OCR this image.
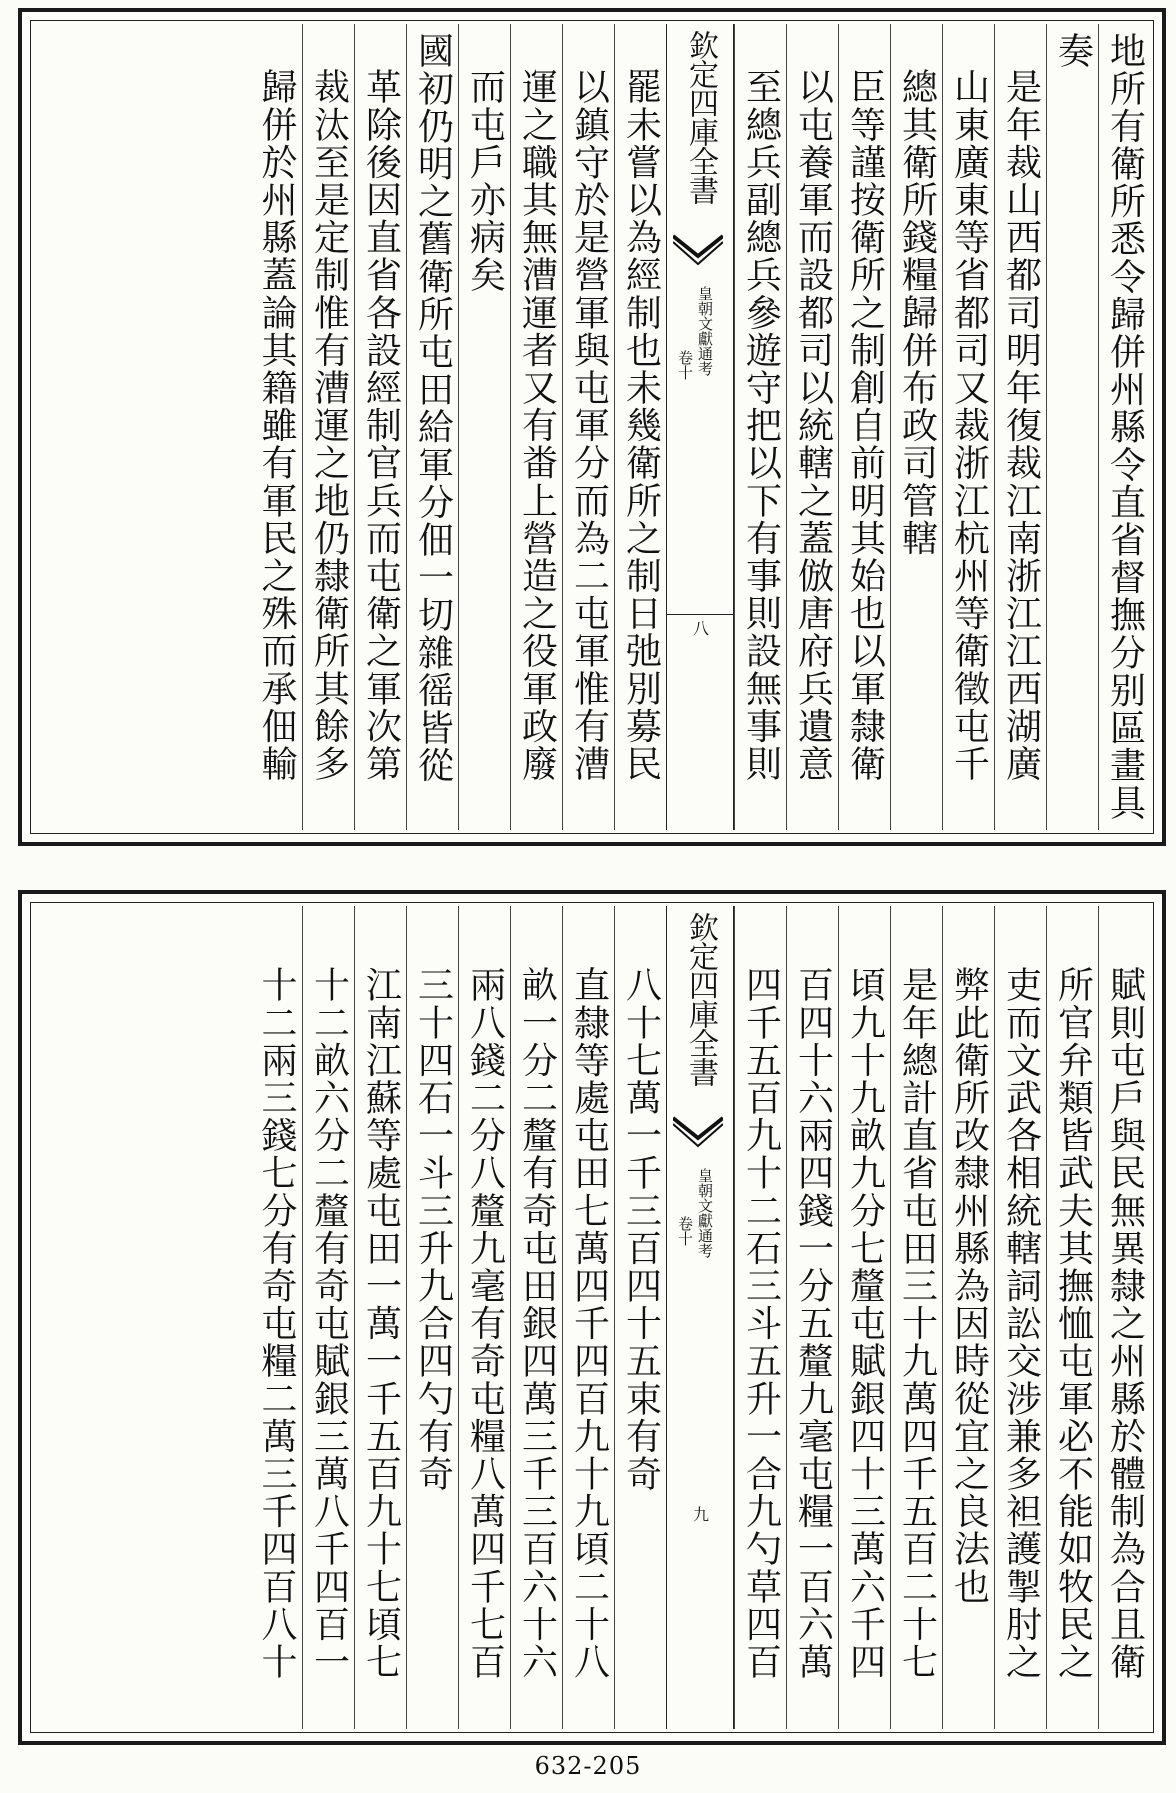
地所有衛所悉令歸併州縣令直省督撫分别區畫具
奏
是年裁山西都司明年復裁江南浙江江西湖廣
山東廣東等省都司又裁浙江杭州等衛徵屯千
總其衛所錢糧歸併布政司管轄
臣等謹按衛所之制創自前明其始也以軍隸衛
以屯養軍而設都司以統轄之蓋倣唐府兵遺意
至總兵副總兵參遊守把以下有事則設無事則
欽定四庫全書
皇朝文獻通考
卷十
八
罷未嘗以為經制也未幾衛所之制日弛別募民
以鎮守於是營軍與屯軍分而為二屯軍惟有漕
運之職其無漕運者又有畨上營造之役軍政廢
而屯戶亦病矣
國初仍明之舊衛所屯田給軍分佃一切雜徭皆從
革除後因直省各設經制官兵而屯衛之軍次第
裁汰至是定制惟有漕運之地仍隸衛所其餘多
歸併於州縣蓋論其籍雖有軍民之殊而承佃輸
賦則屯戶與民無異隸之州縣於體制為合且衛
所官弁類皆武夫其撫恤屯軍必不能如牧民之
吏而文武各相統轄詞訟交涉兼多袒護掣肘之
弊此衛所改隸州縣為因時從宜之良法也
是年總計直省屯田三十九萬四千五百二十七
頃九十九畝九分七釐屯賦銀四十三萬六千四
百四十六兩四錢一分五釐九毫屯糧一百六萬
四千五百九十二石三斗五升一合九勺草四百
欽定四庫全書
皇朝文獻通考
卷十
九
八十七萬一千三百四十五束有奇
直隸等處屯田七萬四千四百九十九頃二十八
畝一分二釐有奇屯田銀四萬三千三百六十六
兩八錢二分八釐九毫有奇屯糧八萬四千七百
三十四石一斗三升九合四勺有奇
江南江蘇等處屯田一萬一千五百九十七頃七
十二畝六分二釐有奇屯賦銀三萬八千四百一
十二兩三錢七分有奇屯糧二萬三千四百八十
632-205
